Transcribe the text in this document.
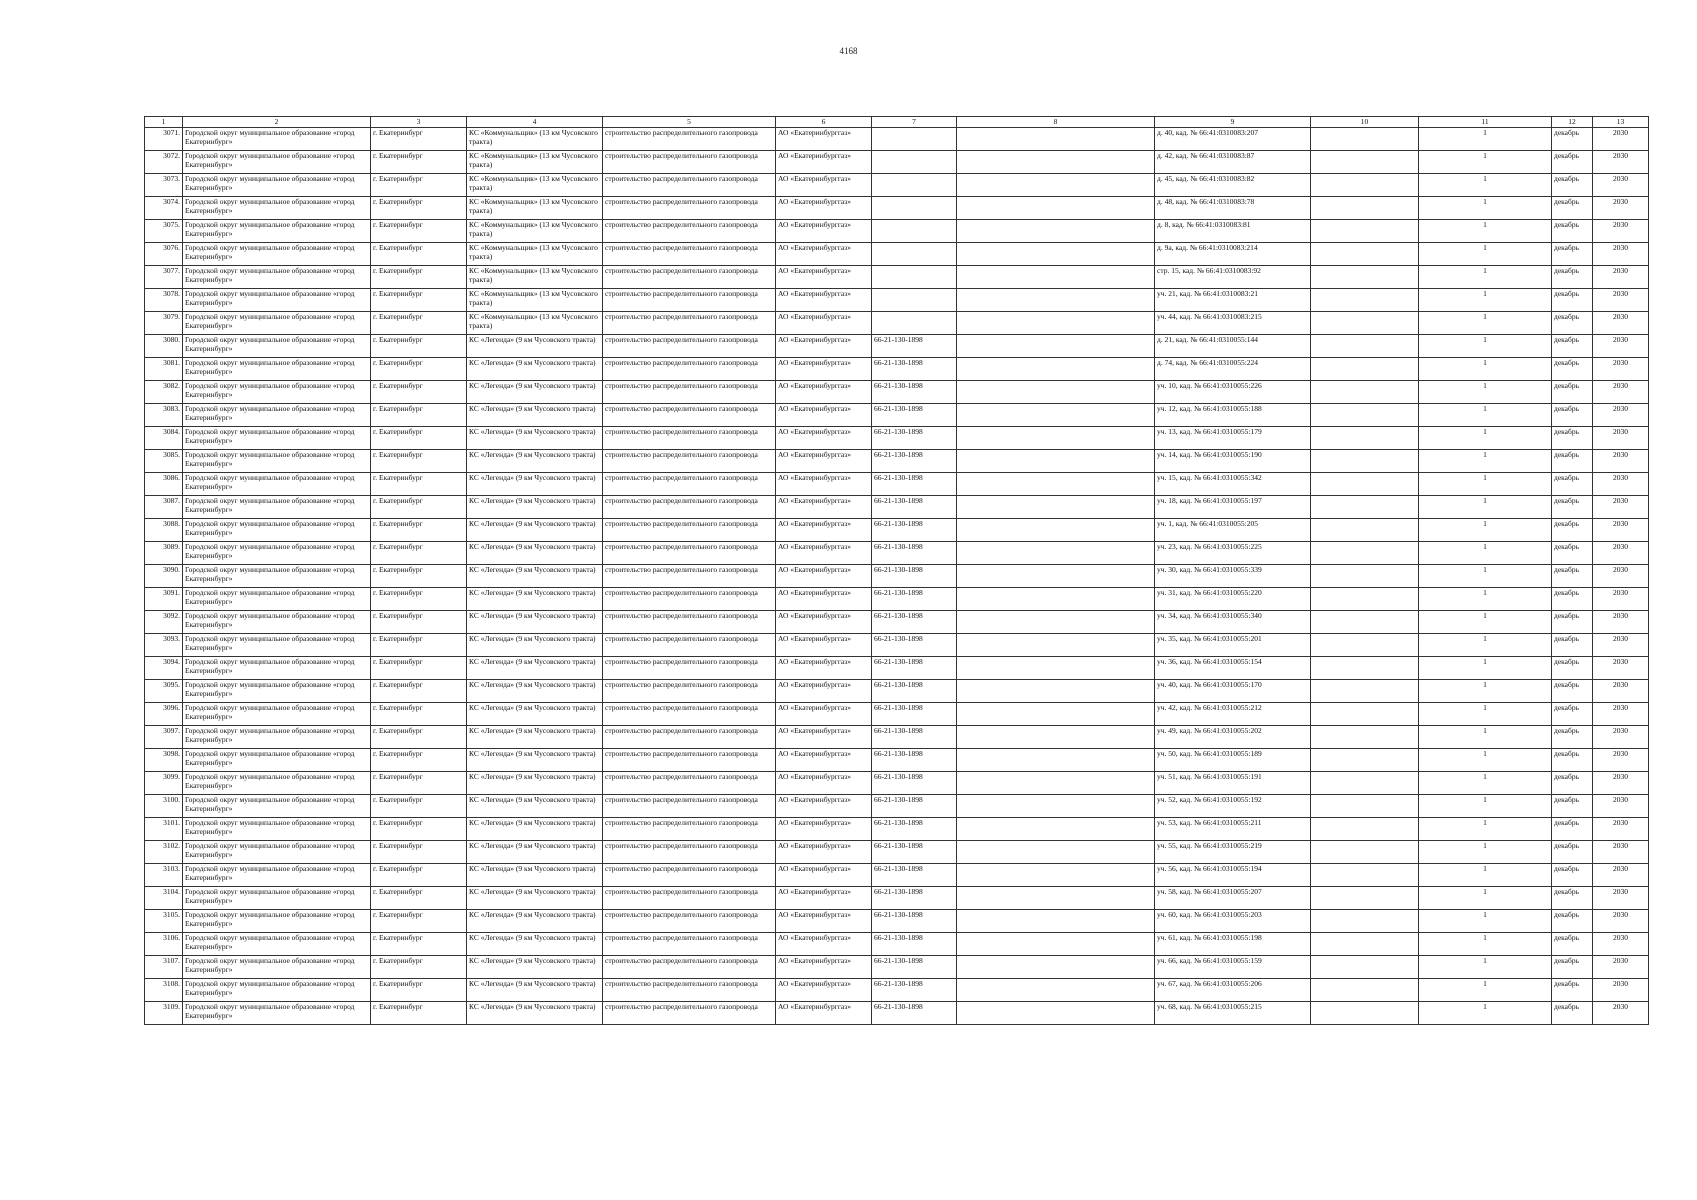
4168
1	2	3	4	5	6	7	8	9	10	11	12	13
3071.	Городской округ муниципальное образование «город Екатеринбург»	г. Екатеринбург	КС «Коммунальщик» (13 км Чусовского тракта)	строительство распределительного газопровода	АО «Екатеринбурггаз»			д. 40, кад. № 66:41:0310083:207		1	декабрь	2030
3072.	Городской округ муниципальное образование «город Екатеринбург»	г. Екатеринбург	КС «Коммунальщик» (13 км Чусовского тракта)	строительство распределительного газопровода	АО «Екатеринбурггаз»			д. 42, кад. № 66:41:0310083:87		1	декабрь	2030
3073.	Городской округ муниципальное образование «город Екатеринбург»	г. Екатеринбург	КС «Коммунальщик» (13 км Чусовского тракта)	строительство распределительного газопровода	АО «Екатеринбурггаз»			д. 45, кад. № 66:41:0310083:82		1	декабрь	2030
3074.	Городской округ муниципальное образование «город Екатеринбург»	г. Екатеринбург	КС «Коммунальщик» (13 км Чусовского тракта)	строительство распределительного газопровода	АО «Екатеринбурггаз»			д. 48, кад. № 66:41:0310083:78		1	декабрь	2030
3075.	Городской округ муниципальное образование «город Екатеринбург»	г. Екатеринбург	КС «Коммунальщик» (13 км Чусовского тракта)	строительство распределительного газопровода	АО «Екатеринбурггаз»			д. 8, кад. № 66:41:0310083:81		1	декабрь	2030
3076.	Городской округ муниципальное образование «город Екатеринбург»	г. Екатеринбург	КС «Коммунальщик» (13 км Чусовского тракта)	строительство распределительного газопровода	АО «Екатеринбурггаз»			д. 9а, кад. № 66:41:0310083:214		1	декабрь	2030
3077.	Городской округ муниципальное образование «город Екатеринбург»	г. Екатеринбург	КС «Коммунальщик» (13 км Чусовского тракта)	строительство распределительного газопровода	АО «Екатеринбурггаз»			стр. 15, кад. № 66:41:0310083:92		1	декабрь	2030
3078.	Городской округ муниципальное образование «город Екатеринбург»	г. Екатеринбург	КС «Коммунальщик» (13 км Чусовского тракта)	строительство распределительного газопровода	АО «Екатеринбурггаз»			уч. 21, кад. № 66:41:0310083:21		1	декабрь	2030
3079.	Городской округ муниципальное образование «город Екатеринбург»	г. Екатеринбург	КС «Коммунальщик» (13 км Чусовского тракта)	строительство распределительного газопровода	АО «Екатеринбурггаз»			уч. 44, кад. № 66:41:0310083:215		1	декабрь	2030
3080.	Городской округ муниципальное образование «город Екатеринбург»	г. Екатеринбург	КС «Легенда» (9 км Чусовского тракта)	строительство распределительного газопровода	АО «Екатеринбурггаз»	66-21-130-1898		д. 21, кад. № 66:41:0310055:144		1	декабрь	2030
3081.	Городской округ муниципальное образование «город Екатеринбург»	г. Екатеринбург	КС «Легенда» (9 км Чусовского тракта)	строительство распределительного газопровода	АО «Екатеринбурггаз»	66-21-130-1898		д. 74, кад. № 66:41:0310055:224		1	декабрь	2030
3082.	Городской округ муниципальное образование «город Екатеринбург»	г. Екатеринбург	КС «Легенда» (9 км Чусовского тракта)	строительство распределительного газопровода	АО «Екатеринбурггаз»	66-21-130-1898		уч. 10, кад. № 66:41:0310055:226		1	декабрь	2030
3083.	Городской округ муниципальное образование «город Екатеринбург»	г. Екатеринбург	КС «Легенда» (9 км Чусовского тракта)	строительство распределительного газопровода	АО «Екатеринбурггаз»	66-21-130-1898		уч. 12, кад. № 66:41:0310055:188		1	декабрь	2030
3084.	Городской округ муниципальное образование «город Екатеринбург»	г. Екатеринбург	КС «Легенда» (9 км Чусовского тракта)	строительство распределительного газопровода	АО «Екатеринбурггаз»	66-21-130-1898		уч. 13, кад. № 66:41:0310055:179		1	декабрь	2030
3085.	Городской округ муниципальное образование «город Екатеринбург»	г. Екатеринбург	КС «Легенда» (9 км Чусовского тракта)	строительство распределительного газопровода	АО «Екатеринбурггаз»	66-21-130-1898		уч. 14, кад. № 66:41:0310055:190		1	декабрь	2030
3086.	Городской округ муниципальное образование «город Екатеринбург»	г. Екатеринбург	КС «Легенда» (9 км Чусовского тракта)	строительство распределительного газопровода	АО «Екатеринбурггаз»	66-21-130-1898		уч. 15, кад. № 66:41:0310055:342		1	декабрь	2030
3087.	Городской округ муниципальное образование «город Екатеринбург»	г. Екатеринбург	КС «Легенда» (9 км Чусовского тракта)	строительство распределительного газопровода	АО «Екатеринбурггаз»	66-21-130-1898		уч. 18, кад. № 66:41:0310055:197		1	декабрь	2030
3088.	Городской округ муниципальное образование «город Екатеринбург»	г. Екатеринбург	КС «Легенда» (9 км Чусовского тракта)	строительство распределительного газопровода	АО «Екатеринбурггаз»	66-21-130-1898		уч. 1, кад. № 66:41:0310055:205		1	декабрь	2030
3089.	Городской округ муниципальное образование «город Екатеринбург»	г. Екатеринбург	КС «Легенда» (9 км Чусовского тракта)	строительство распределительного газопровода	АО «Екатеринбурггаз»	66-21-130-1898		уч. 23, кад. № 66:41:0310055:225		1	декабрь	2030
3090.	Городской округ муниципальное образование «город Екатеринбург»	г. Екатеринбург	КС «Легенда» (9 км Чусовского тракта)	строительство распределительного газопровода	АО «Екатеринбурггаз»	66-21-130-1898		уч. 30, кад. № 66:41:0310055:339		1	декабрь	2030
3091.	Городской округ муниципальное образование «город Екатеринбург»	г. Екатеринбург	КС «Легенда» (9 км Чусовского тракта)	строительство распределительного газопровода	АО «Екатеринбурггаз»	66-21-130-1898		уч. 31, кад. № 66:41:0310055:220		1	декабрь	2030
3092.	Городской округ муниципальное образование «город Екатеринбург»	г. Екатеринбург	КС «Легенда» (9 км Чусовского тракта)	строительство распределительного газопровода	АО «Екатеринбурггаз»	66-21-130-1898		уч. 34, кад. № 66:41:0310055:340		1	декабрь	2030
3093.	Городской округ муниципальное образование «город Екатеринбург»	г. Екатеринбург	КС «Легенда» (9 км Чусовского тракта)	строительство распределительного газопровода	АО «Екатеринбурггаз»	66-21-130-1898		уч. 35, кад. № 66:41:0310055:201		1	декабрь	2030
3094.	Городской округ муниципальное образование «город Екатеринбург»	г. Екатеринбург	КС «Легенда» (9 км Чусовского тракта)	строительство распределительного газопровода	АО «Екатеринбурггаз»	66-21-130-1898		уч. 36, кад. № 66:41:0310055:154		1	декабрь	2030
3095.	Городской округ муниципальное образование «город Екатеринбург»	г. Екатеринбург	КС «Легенда» (9 км Чусовского тракта)	строительство распределительного газопровода	АО «Екатеринбурггаз»	66-21-130-1898		уч. 40, кад. № 66:41:0310055:170		1	декабрь	2030
3096.	Городской округ муниципальное образование «город Екатеринбург»	г. Екатеринбург	КС «Легенда» (9 км Чусовского тракта)	строительство распределительного газопровода	АО «Екатеринбурггаз»	66-21-130-1898		уч. 42, кад. № 66:41:0310055:212		1	декабрь	2030
3097.	Городской округ муниципальное образование «город Екатеринбург»	г. Екатеринбург	КС «Легенда» (9 км Чусовского тракта)	строительство распределительного газопровода	АО «Екатеринбурггаз»	66-21-130-1898		уч. 49, кад. № 66:41:0310055:202		1	декабрь	2030
3098.	Городской округ муниципальное образование «город Екатеринбург»	г. Екатеринбург	КС «Легенда» (9 км Чусовского тракта)	строительство распределительного газопровода	АО «Екатеринбурггаз»	66-21-130-1898		уч. 50, кад. № 66:41:0310055:189		1	декабрь	2030
3099.	Городской округ муниципальное образование «город Екатеринбург»	г. Екатеринбург	КС «Легенда» (9 км Чусовского тракта)	строительство распределительного газопровода	АО «Екатеринбурггаз»	66-21-130-1898		уч. 51, кад. № 66:41:0310055:191		1	декабрь	2030
3100.	Городской округ муниципальное образование «город Екатеринбург»	г. Екатеринбург	КС «Легенда» (9 км Чусовского тракта)	строительство распределительного газопровода	АО «Екатеринбурггаз»	66-21-130-1898		уч. 52, кад. № 66:41:0310055:192		1	декабрь	2030
3101.	Городской округ муниципальное образование «город Екатеринбург»	г. Екатеринбург	КС «Легенда» (9 км Чусовского тракта)	строительство распределительного газопровода	АО «Екатеринбурггаз»	66-21-130-1898		уч. 53, кад. № 66:41:0310055:211		1	декабрь	2030
3102.	Городской округ муниципальное образование «город Екатеринбург»	г. Екатеринбург	КС «Легенда» (9 км Чусовского тракта)	строительство распределительного газопровода	АО «Екатеринбурггаз»	66-21-130-1898		уч. 55, кад. № 66:41:0310055:219		1	декабрь	2030
3103.	Городской округ муниципальное образование «город Екатеринбург»	г. Екатеринбург	КС «Легенда» (9 км Чусовского тракта)	строительство распределительного газопровода	АО «Екатеринбурггаз»	66-21-130-1898		уч. 56, кад. № 66:41:0310055:194		1	декабрь	2030
3104.	Городской округ муниципальное образование «город Екатеринбург»	г. Екатеринбург	КС «Легенда» (9 км Чусовского тракта)	строительство распределительного газопровода	АО «Екатеринбурггаз»	66-21-130-1898		уч. 58, кад. № 66:41:0310055:207		1	декабрь	2030
3105.	Городской округ муниципальное образование «город Екатеринбург»	г. Екатеринбург	КС «Легенда» (9 км Чусовского тракта)	строительство распределительного газопровода	АО «Екатеринбурггаз»	66-21-130-1898		уч. 60, кад. № 66:41:0310055:203		1	декабрь	2030
3106.	Городской округ муниципальное образование «город Екатеринбург»	г. Екатеринбург	КС «Легенда» (9 км Чусовского тракта)	строительство распределительного газопровода	АО «Екатеринбурггаз»	66-21-130-1898		уч. 61, кад. № 66:41:0310055:198		1	декабрь	2030
3107.	Городской округ муниципальное образование «город Екатеринбург»	г. Екатеринбург	КС «Легенда» (9 км Чусовского тракта)	строительство распределительного газопровода	АО «Екатеринбурггаз»	66-21-130-1898		уч. 66, кад. № 66:41:0310055:159		1	декабрь	2030
3108.	Городской округ муниципальное образование «город Екатеринбург»	г. Екатеринбург	КС «Легенда» (9 км Чусовского тракта)	строительство распределительного газопровода	АО «Екатеринбурггаз»	66-21-130-1898		уч. 67, кад. № 66:41:0310055:206		1	декабрь	2030
3109.	Городской округ муниципальное образование «город Екатеринбург»	г. Екатеринбург	КС «Легенда» (9 км Чусовского тракта)	строительство распределительного газопровода	АО «Екатеринбурггаз»	66-21-130-1898		уч. 68, кад. № 66:41:0310055:215		1	декабрь	2030
